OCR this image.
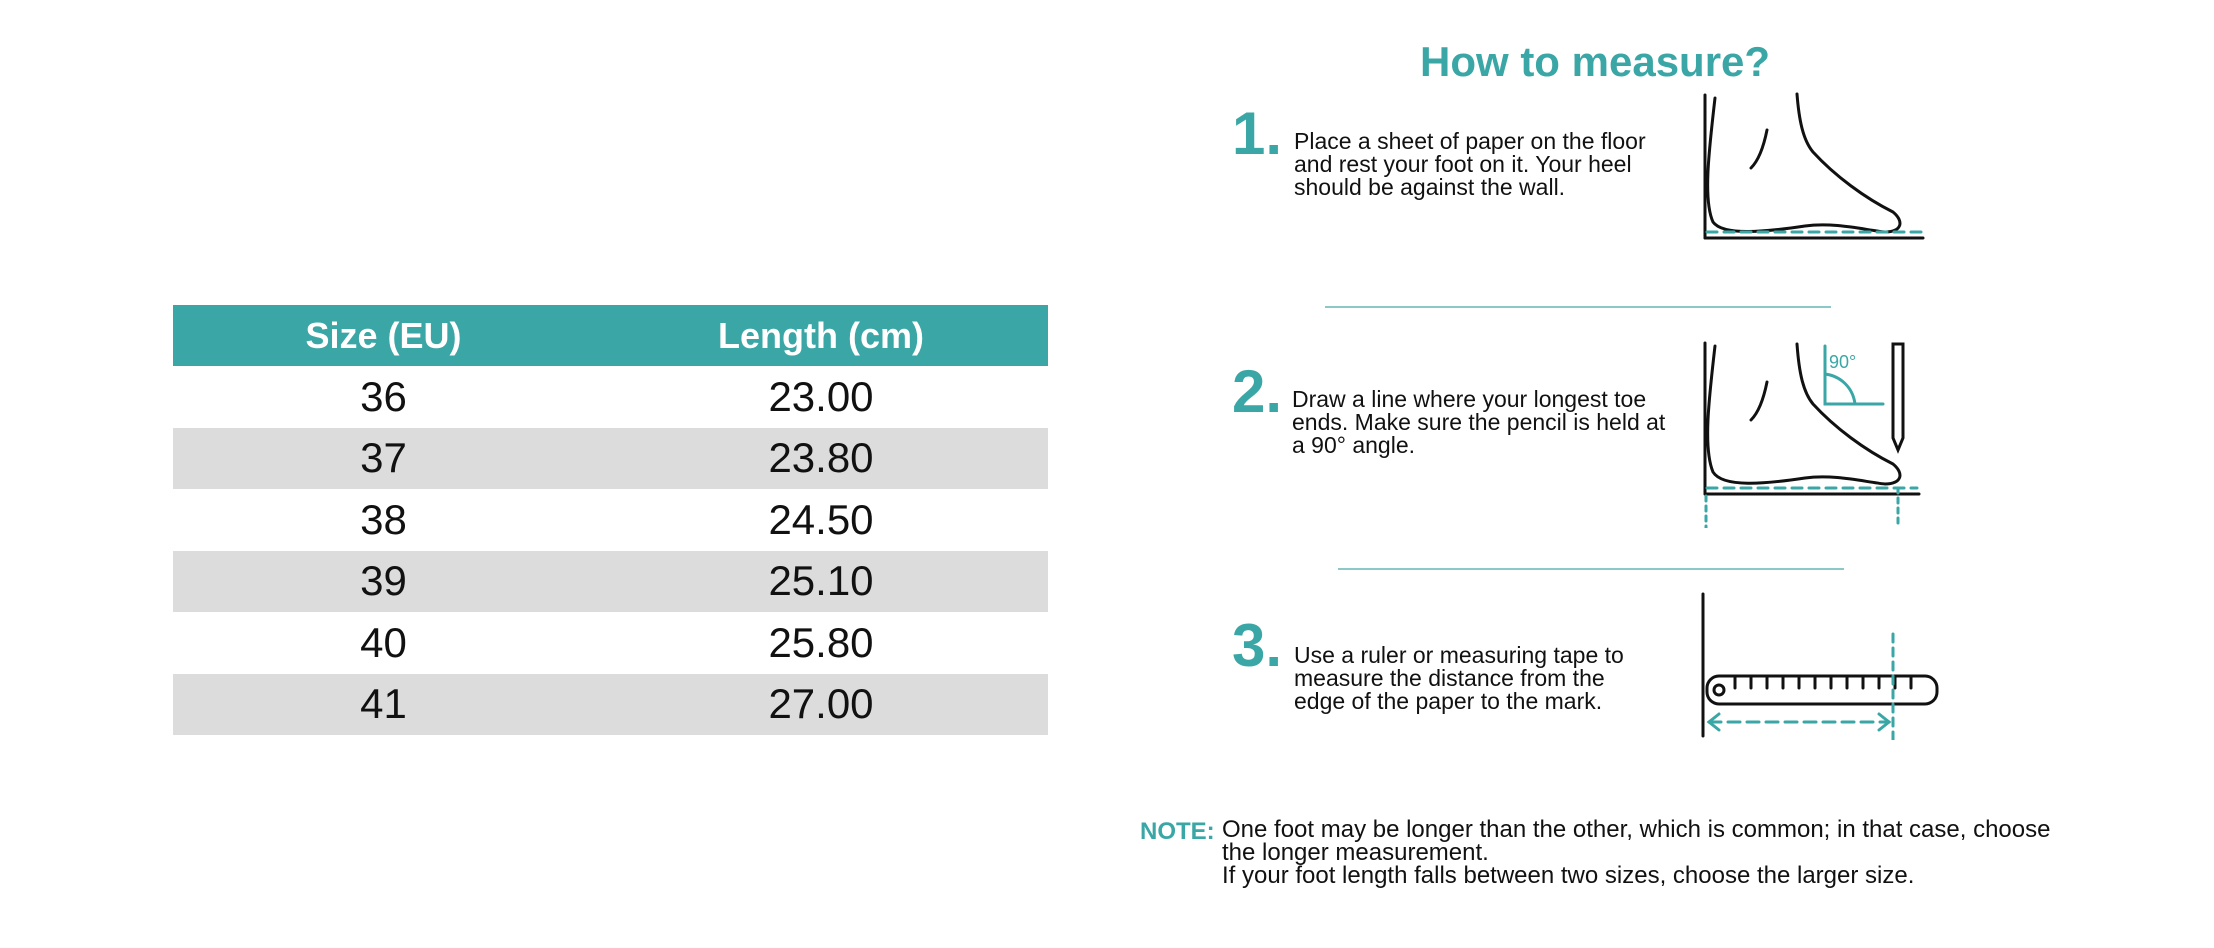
Size (EU)	Length (cm)
36	23.00
37	23.80
38	24.50
39	25.10
40	25.80
41	27.00
How to measure?
1. Place a sheet of paper on the floor and rest your foot on it. Your heel should be against the wall.

2. Draw a line where your longest toe ends. Make sure the pencil is held at a 90° angle.

90°
3. Use a ruler or measuring tape to measure the distance from the edge of the paper to the mark.

NOTE: One foot may be longer than the other, which is common; in that case, choose the longer measurement.
If your foot length falls between two sizes, choose the larger size.
